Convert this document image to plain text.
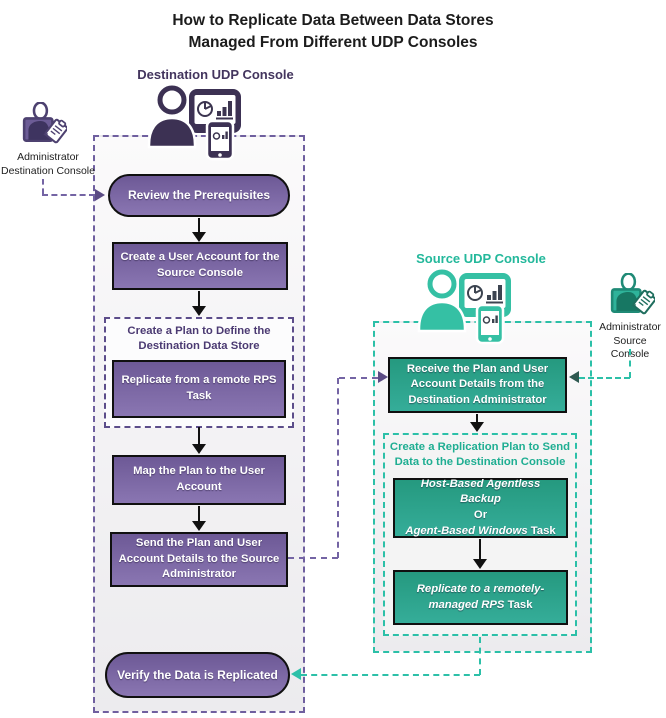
How to Replicate Data Between Data Stores
Managed From Different UDP Consoles
Destination UDP Console
Source UDP Console
Administrator
Destination Console
Administrator
Source Console
Review the Prerequisites
Create a User Account for the Source Console
Create a Plan to Define the Destination Data Store
Replicate from a remote RPS Task
Map the Plan to the User Account
Send the Plan and User Account Details to the Source Administrator
Verify the Data is Replicated
Receive the Plan and User Account Details from the Destination Administrator
Create a Replication Plan to Send Data to the Destination Console
Host-Based Agentless Backup
Or
Agent-Based Windows Task
Replicate to a remotely-managed RPS Task
